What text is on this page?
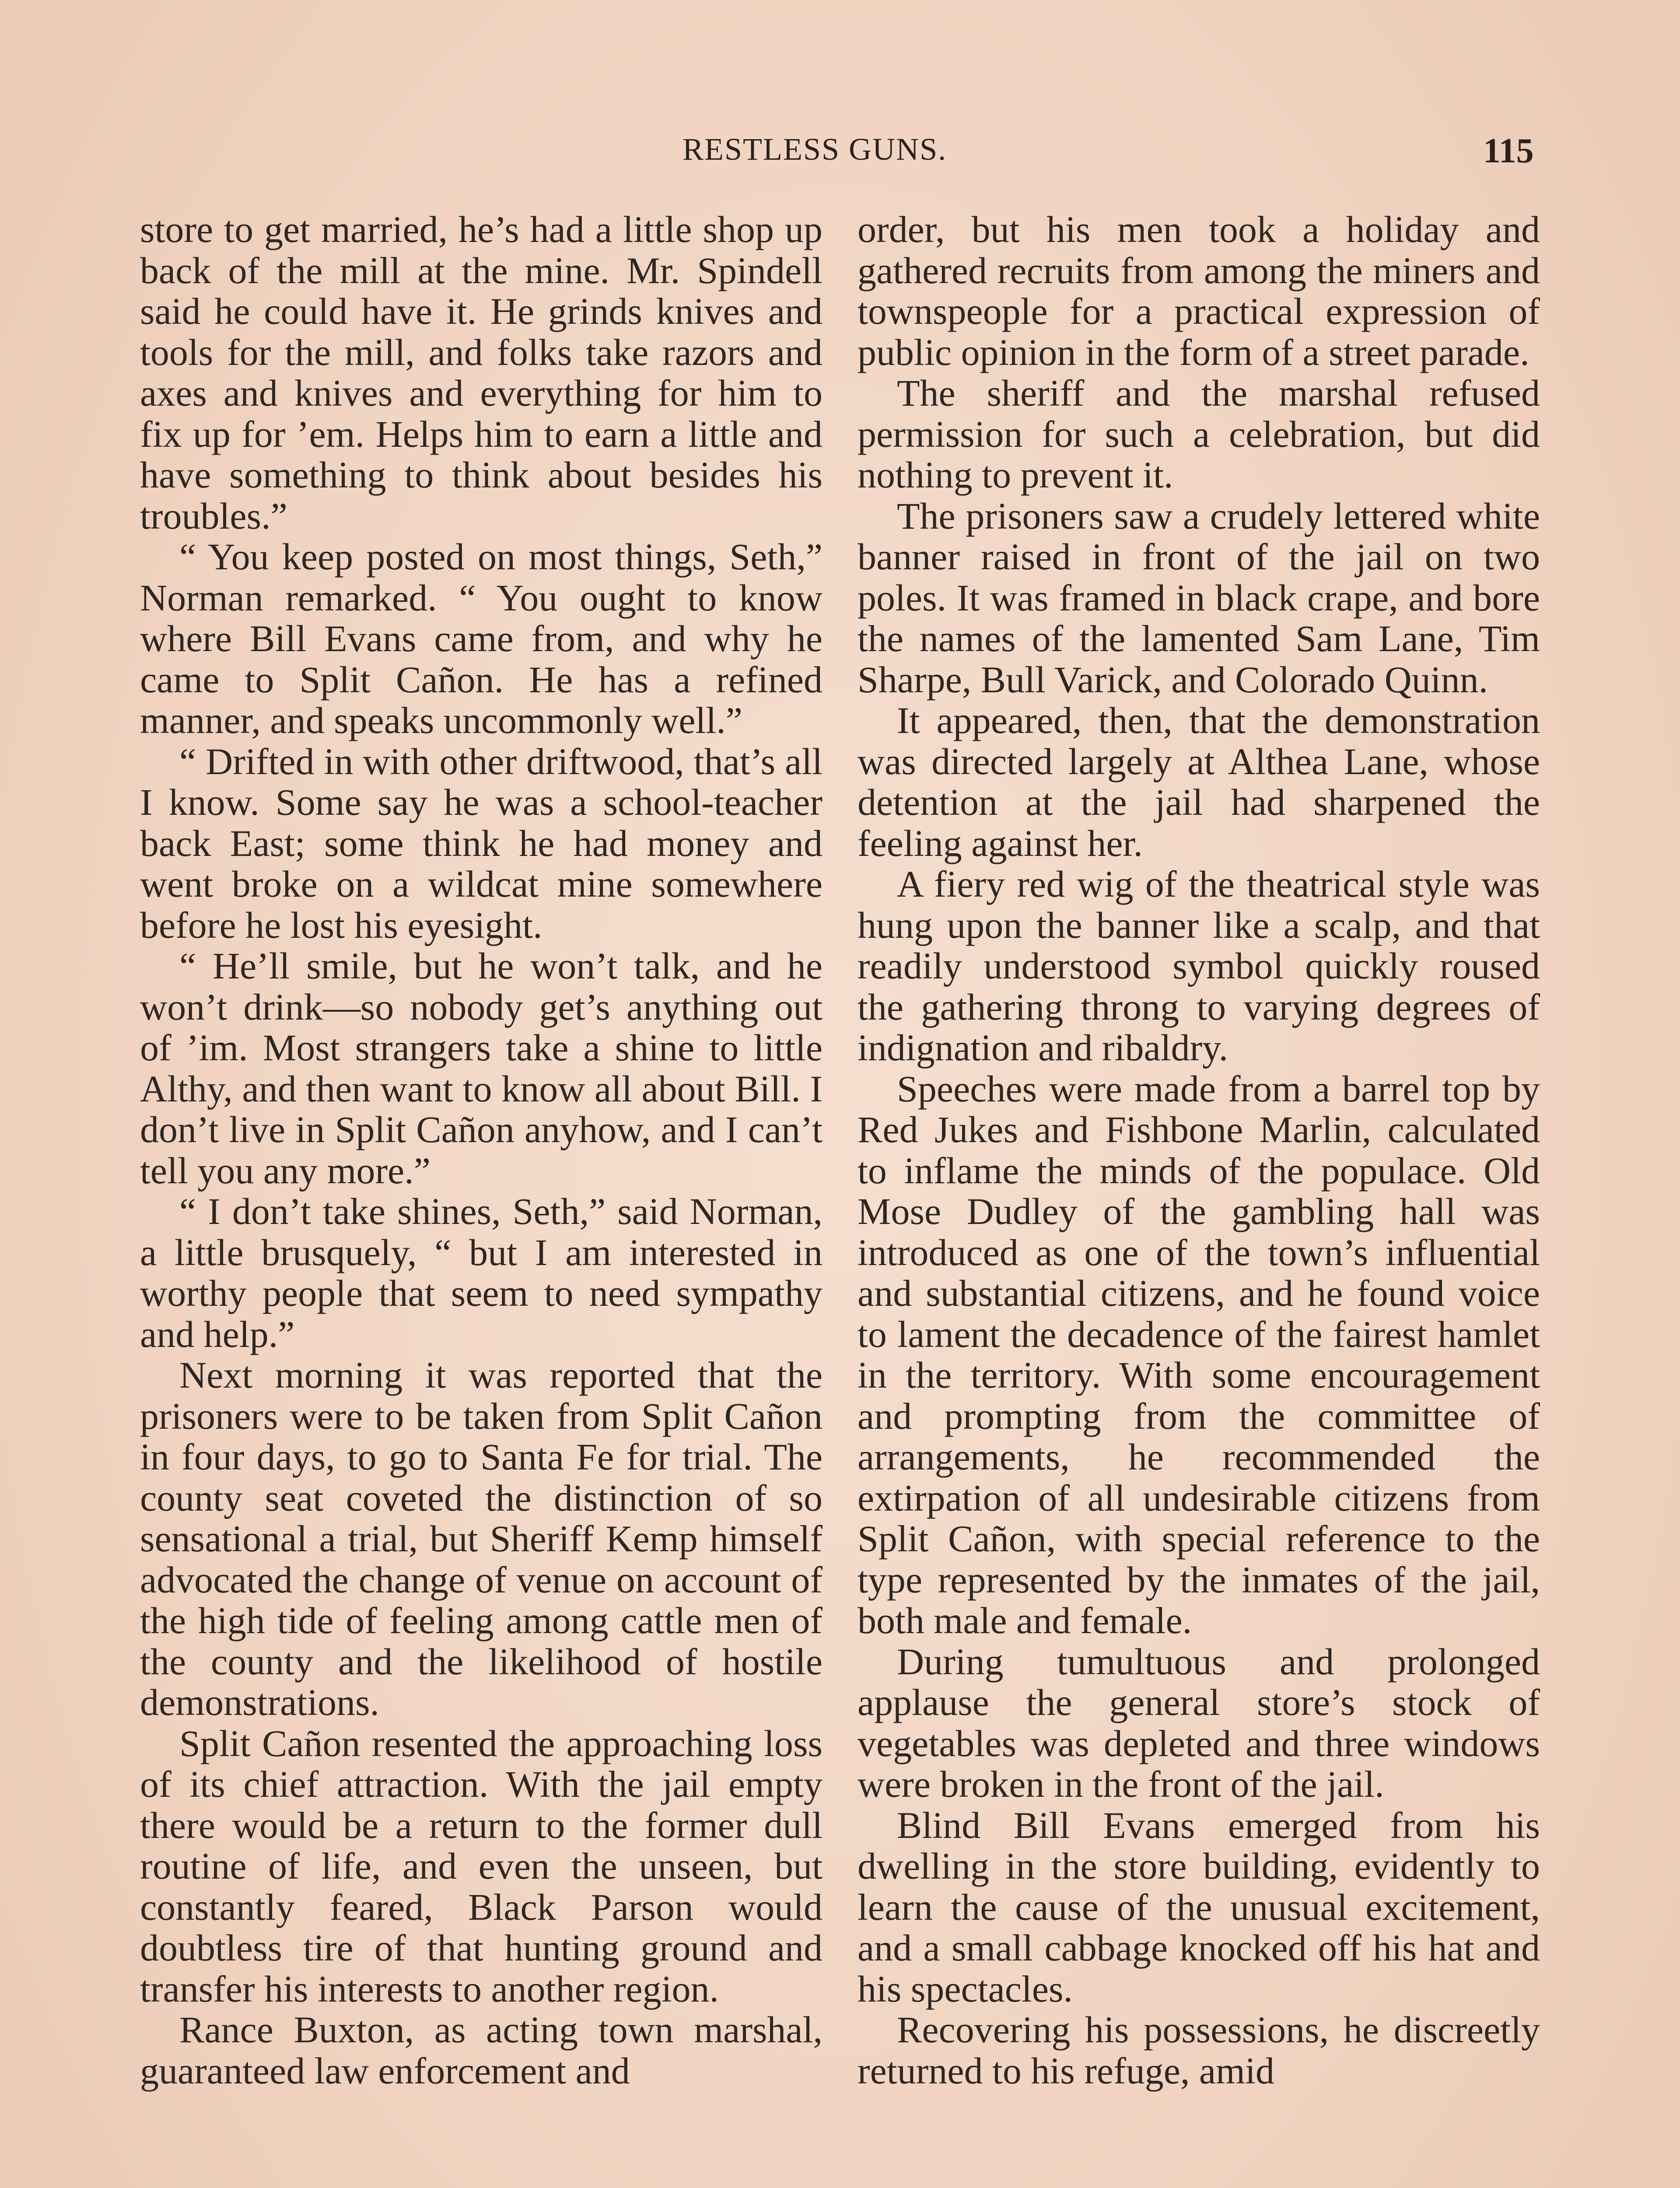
RESTLESS GUNS.	115

store to get married, he’s had a little shop up back of the mill at the mine. Mr. Spindell said he could have it. He grinds knives and tools for the mill, and folks take razors and axes and knives and everything for him to fix up for ’em. Helps him to earn a little and have something to think about besides his troubles.”

“ You keep posted on most things, Seth,” Norman remarked. “ You ought to know where Bill Evans came from, and why he came to Split Cañon. He has a refined manner, and speaks uncommonly well.”

“ Drifted in with other driftwood, that’s all I know. Some say he was a school-teacher back East; some think he had money and went broke on a wildcat mine somewhere before he lost his eyesight.

“ He’ll smile, but he won’t talk, and he won’t drink—so nobody get’s anything out of ’im. Most strangers take a shine to little Althy, and then want to know all about Bill. I don’t live in Split Cañon anyhow, and I can’t tell you any more.”

“ I don’t take shines, Seth,” said Norman, a little brusquely, “ but I am interested in worthy people that seem to need sympathy and help.”

Next morning it was reported that the prisoners were to be taken from Split Cañon in four days, to go to Santa Fe for trial. The county seat coveted the distinction of so sensational a trial, but Sheriff Kemp himself advocated the change of venue on account of the high tide of feeling among cattle men of the county and the likelihood of hostile demonstrations.

Split Cañon resented the approaching loss of its chief attraction. With the jail empty there would be a return to the former dull routine of life, and even the unseen, but constantly feared, Black Parson would doubtless tire of that hunting ground and transfer his interests to another region.

Rance Buxton, as acting town marshal, guaranteed law enforcement and

order, but his men took a holiday and gathered recruits from among the miners and townspeople for a practical expression of public opinion in the form of a street parade.

The sheriff and the marshal refused permission for such a celebration, but did nothing to prevent it.

The prisoners saw a crudely lettered white banner raised in front of the jail on two poles. It was framed in black crape, and bore the names of the lamented Sam Lane, Tim Sharpe, Bull Varick, and Colorado Quinn.

It appeared, then, that the demonstration was directed largely at Althea Lane, whose detention at the jail had sharpened the feeling against her.

A fiery red wig of the theatrical style was hung upon the banner like a scalp, and that readily understood symbol quickly roused the gathering throng to varying degrees of indignation and ribaldry.

Speeches were made from a barrel top by Red Jukes and Fishbone Marlin, calculated to inflame the minds of the populace. Old Mose Dudley of the gambling hall was introduced as one of the town’s influential and substantial citizens, and he found voice to lament the decadence of the fairest hamlet in the territory. With some encouragement and prompting from the committee of arrangements, he recommended the extirpation of all undesirable citizens from Split Cañon, with special reference to the type represented by the inmates of the jail, both male and female.

During tumultuous and prolonged applause the general store’s stock of vegetables was depleted and three windows were broken in the front of the jail.

Blind Bill Evans emerged from his dwelling in the store building, evidently to learn the cause of the unusual excitement, and a small cabbage knocked off his hat and his spectacles.

Recovering his possessions, he discreetly returned to his refuge, amid
